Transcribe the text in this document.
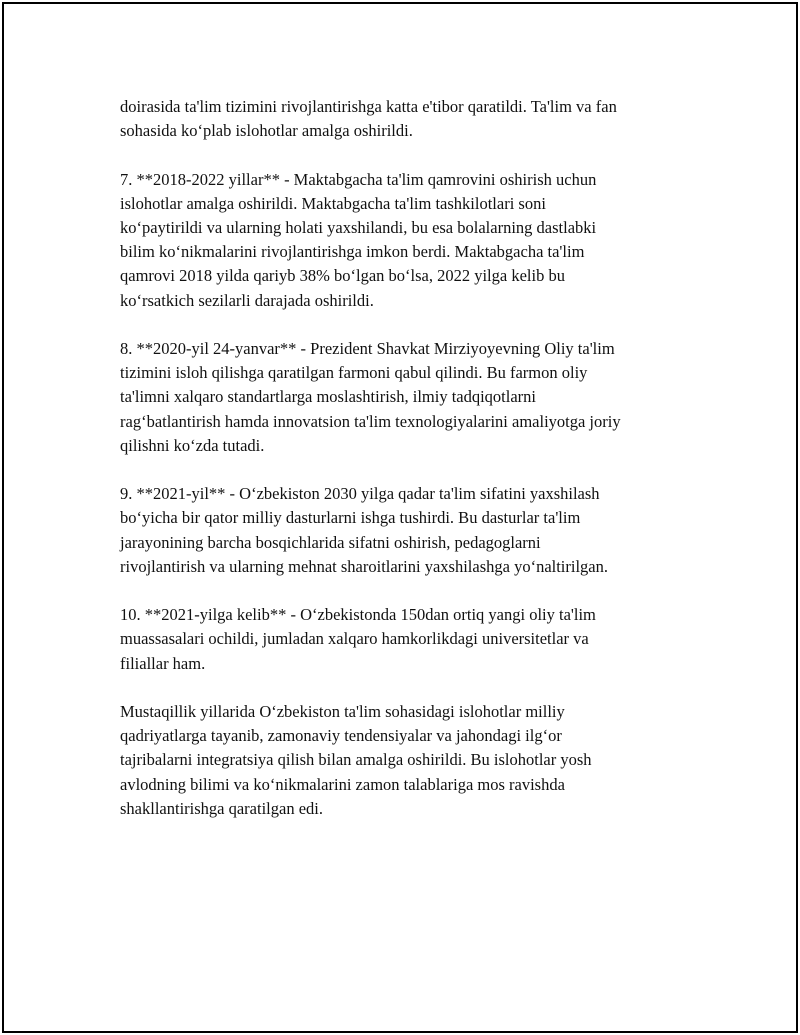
doirasida ta'lim tizimini rivojlantirishga katta e'tibor qaratildi. Ta'lim va fan
sohasida koʻplab islohotlar amalga oshirildi.

7. **2018-2022 yillar** - Maktabgacha ta'lim qamrovini oshirish uchun
islohotlar amalga oshirildi. Maktabgacha ta'lim tashkilotlari soni
koʻpaytirildi va ularning holati yaxshilandi, bu esa bolalarning dastlabki
bilim koʻnikmalarini rivojlantirishga imkon berdi. Maktabgacha ta'lim
qamrovi 2018 yilda qariyb 38% boʻlgan boʻlsa, 2022 yilga kelib bu
koʻrsatkich sezilarli darajada oshirildi.

8. **2020-yil 24-yanvar** - Prezident Shavkat Mirziyoyevning Oliy ta'lim
tizimini isloh qilishga qaratilgan farmoni qabul qilindi. Bu farmon oliy
ta'limni xalqaro standartlarga moslashtirish, ilmiy tadqiqotlarni
ragʻbatlantirish hamda innovatsion ta'lim texnologiyalarini amaliyotga joriy
qilishni koʻzda tutadi.

9. **2021-yil** - Oʻzbekiston 2030 yilga qadar ta'lim sifatini yaxshilash
boʻyicha bir qator milliy dasturlarni ishga tushirdi. Bu dasturlar ta'lim
jarayonining barcha bosqichlarida sifatni oshirish, pedagoglarni
rivojlantirish va ularning mehnat sharoitlarini yaxshilashga yoʻnaltirilgan.

10. **2021-yilga kelib** - Oʻzbekistonda 150dan ortiq yangi oliy ta'lim
muassasalari ochildi, jumladan xalqaro hamkorlikdagi universitetlar va
filiallar ham.

Mustaqillik yillarida Oʻzbekiston ta'lim sohasidagi islohotlar milliy
qadriyatlarga tayanib, zamonaviy tendensiyalar va jahondagi ilgʻor
tajribalarni integratsiya qilish bilan amalga oshirildi. Bu islohotlar yosh
avlodning bilimi va koʻnikmalarini zamon talablariga mos ravishda
shakllantirishga qaratilgan edi.
